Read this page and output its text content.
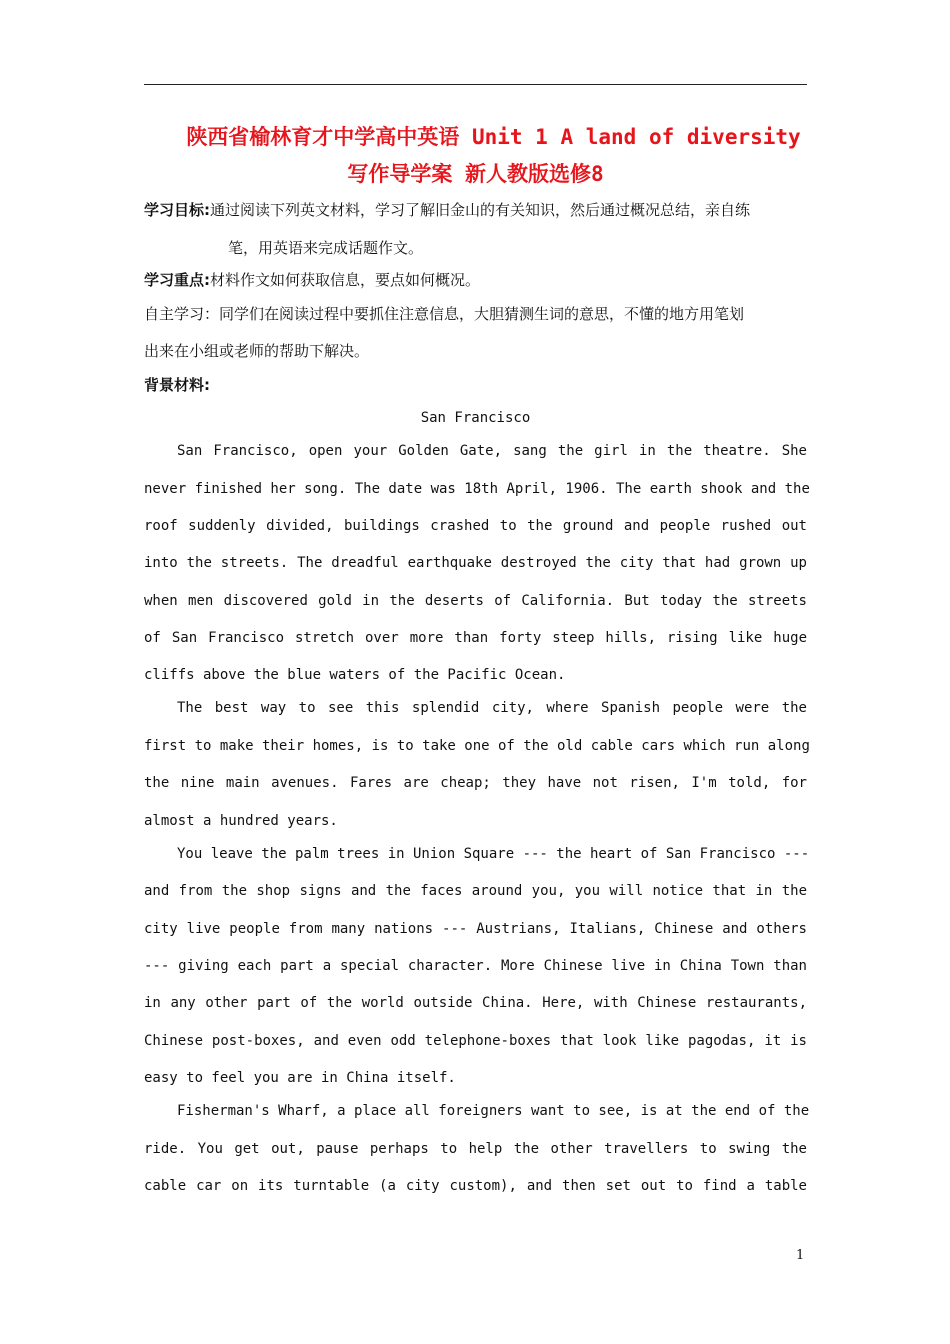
陕西省榆林育才中学高中英语 Unit 1 A land of diversity
写作导学案 新人教版选修8
学习目标:通过阅读下列英文材料，学习了解旧金山的有关知识，然后通过概况总结，亲自练
笔，用英语来完成话题作文。
学习重点:材料作文如何获取信息，要点如何概况。
自主学习：同学们在阅读过程中要抓住注意信息，大胆猜测生词的意思，不懂的地方用笔划
出来在小组或老师的帮助下解决。
背景材料:
San Francisco
San Francisco, open your Golden Gate, sang the girl in the theatre. She
never finished her song. The date was 18th April, 1906. The earth shook and the
roof suddenly divided, buildings crashed to the ground and people rushed out
into the streets. The dreadful earthquake destroyed the city that had grown up
when men discovered gold in the deserts of California. But today the streets
of San Francisco stretch over more than forty steep hills, rising like huge
cliffs above the blue waters of the Pacific Ocean.
The best way to see this splendid city, where Spanish people were the
first to make their homes, is to take one of the old cable cars which run along
the nine main avenues. Fares are cheap; they have not risen, I'm told, for
almost a hundred years.
You leave the palm trees in Union Square --- the heart of San Francisco ---
and from the shop signs and the faces around you, you will notice that in the
city live people from many nations --- Austrians, Italians, Chinese and others
--- giving each part a special character. More Chinese live in China Town than
in any other part of the world outside China. Here, with Chinese restaurants,
Chinese post-boxes, and even odd telephone-boxes that look like pagodas, it is
easy to feel you are in China itself.
Fisherman's Wharf, a place all foreigners want to see, is at the end of the
ride. You get out, pause perhaps to help the other travellers to swing the
cable car on its turntable (a city custom), and then set out to find a table
1
